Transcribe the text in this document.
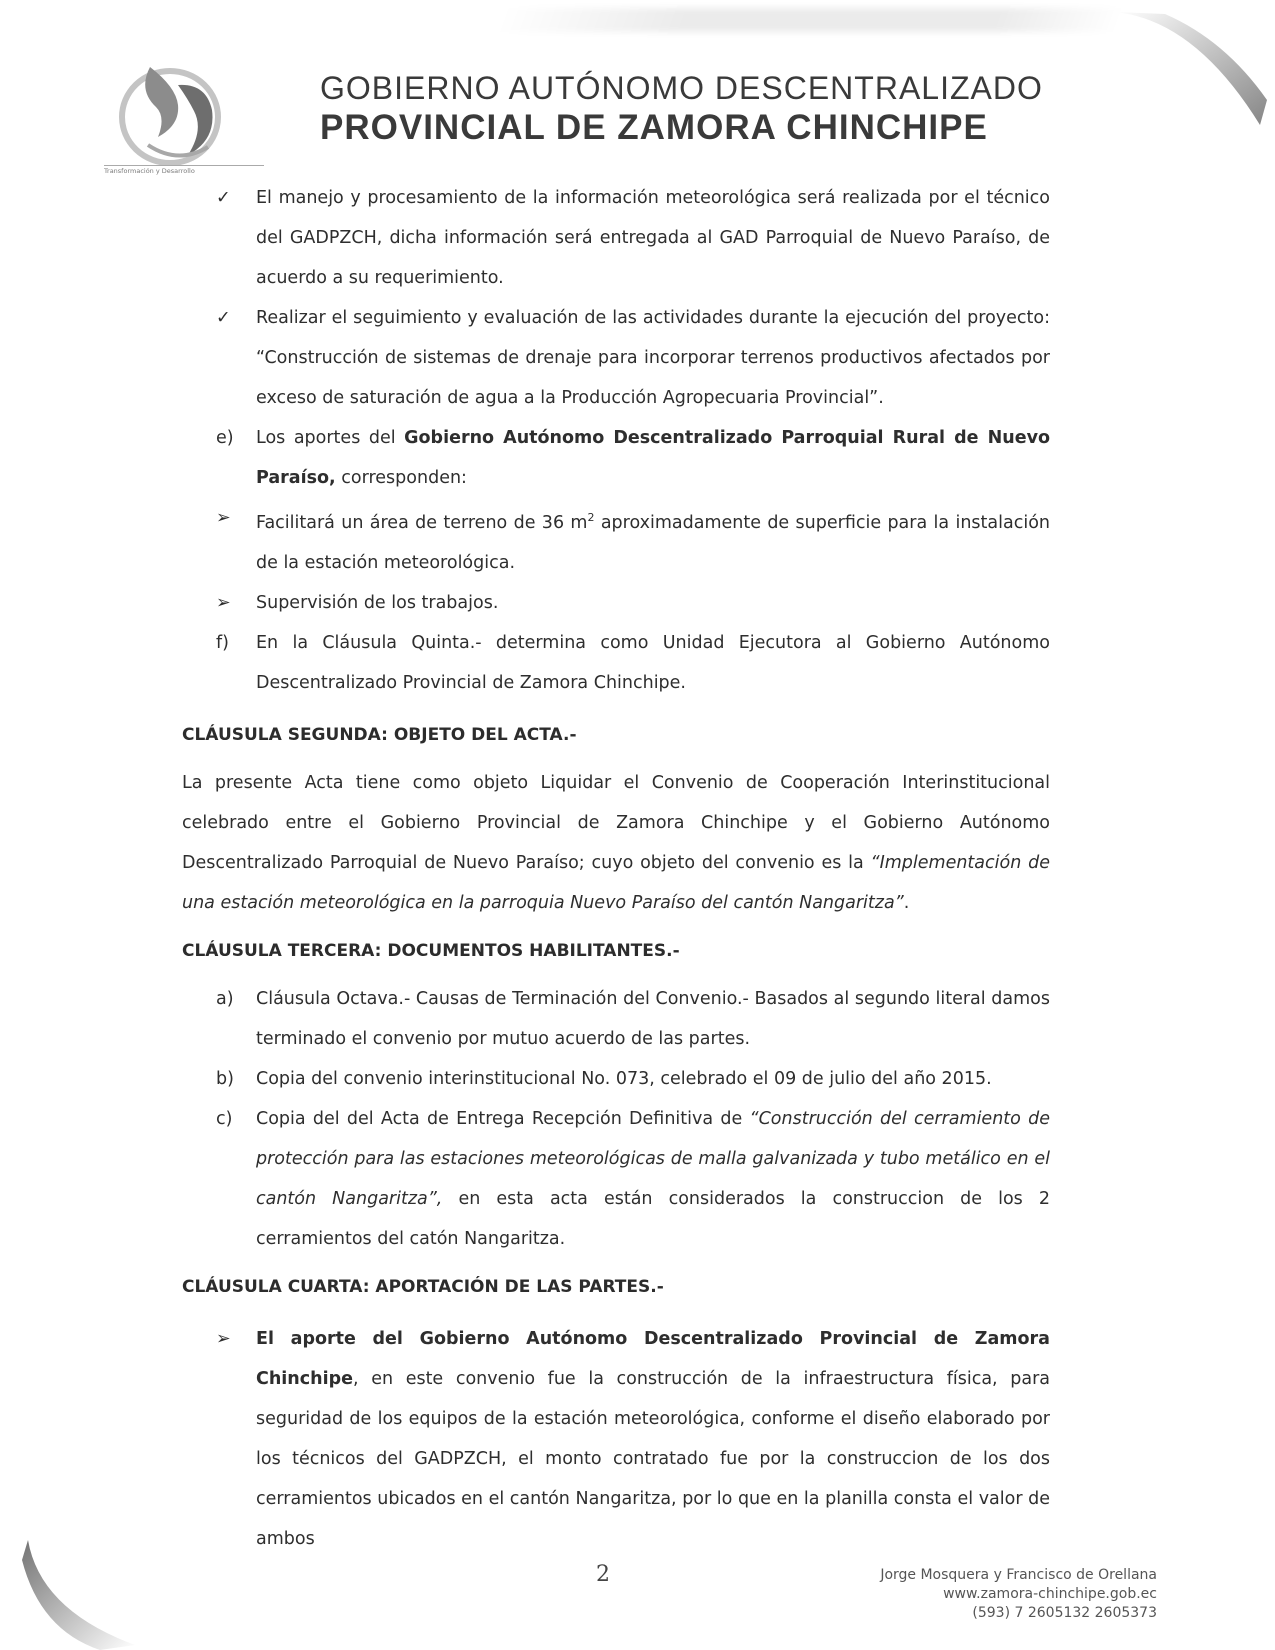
Transformación y Desarrollo
GOBIERNO AUTÓNOMO DESCENTRALIZADO
PROVINCIAL DE ZAMORA CHINCHIPE
✓	El manejo y procesamiento de la información meteorológica será realizada por el técnico del GADPZCH, dicha información será entregada al GAD Parroquial de Nuevo Paraíso, de acuerdo a su requerimiento.

✓	Realizar el seguimiento y evaluación de las actividades durante la ejecución del proyecto: “Construcción de sistemas de drenaje para incorporar terrenos productivos afectados por exceso de saturación de agua a la Producción Agropecuaria Provincial”.

e)	Los aportes del Gobierno Autónomo Descentralizado Parroquial Rural de Nuevo Paraíso, corresponden:

➢	Facilitará un área de terreno de 36 $m^2$ aproximadamente de superficie para la instalación de la estación meteorológica.

➢	Supervisión de los trabajos.

f)	En la Cláusula Quinta.- determina como Unidad Ejecutora al Gobierno Autónomo Descentralizado Provincial de Zamora Chinchipe.

CLÁUSULA SEGUNDA: OBJETO DEL ACTA.-

La presente Acta tiene como objeto Liquidar el Convenio de Cooperación Interinstitucional celebrado entre el Gobierno Provincial de Zamora Chinchipe y el Gobierno Autónomo Descentralizado Parroquial de Nuevo Paraíso; cuyo objeto del convenio es la “Implementación de una estación meteorológica en la parroquia Nuevo Paraíso del cantón Nangaritza”.

CLÁUSULA TERCERA: DOCUMENTOS HABILITANTES.-

a)	Cláusula Octava.- Causas de Terminación del Convenio.- Basados al segundo literal damos terminado el convenio por mutuo acuerdo de las partes.

b)	Copia del convenio interinstitucional No. 073, celebrado el 09 de julio del año 2015.

c)	Copia del del Acta de Entrega Recepción Definitiva de “Construcción del cerramiento de protección para las estaciones meteorológicas de malla galvanizada y tubo metálico en el cantón Nangaritza”, en esta acta están considerados la construccion de los 2 cerramientos del catón Nangaritza.

CLÁUSULA CUARTA: APORTACIÓN DE LAS PARTES.-

➢	El aporte del Gobierno Autónomo Descentralizado Provincial de Zamora Chinchipe, en este convenio fue la construcción de la infraestructura física, para seguridad de los equipos de la estación meteorológica, conforme el diseño elaborado por los técnicos del GADPZCH, el monto contratado fue por la construccion de los dos cerramientos ubicados en el cantón Nangaritza, por lo que en la planilla consta el valor de ambos

2	Jorge Mosquera y Francisco de Orellana
www.zamora-chinchipe.gob.ec
(593) 7 2605132 2605373
